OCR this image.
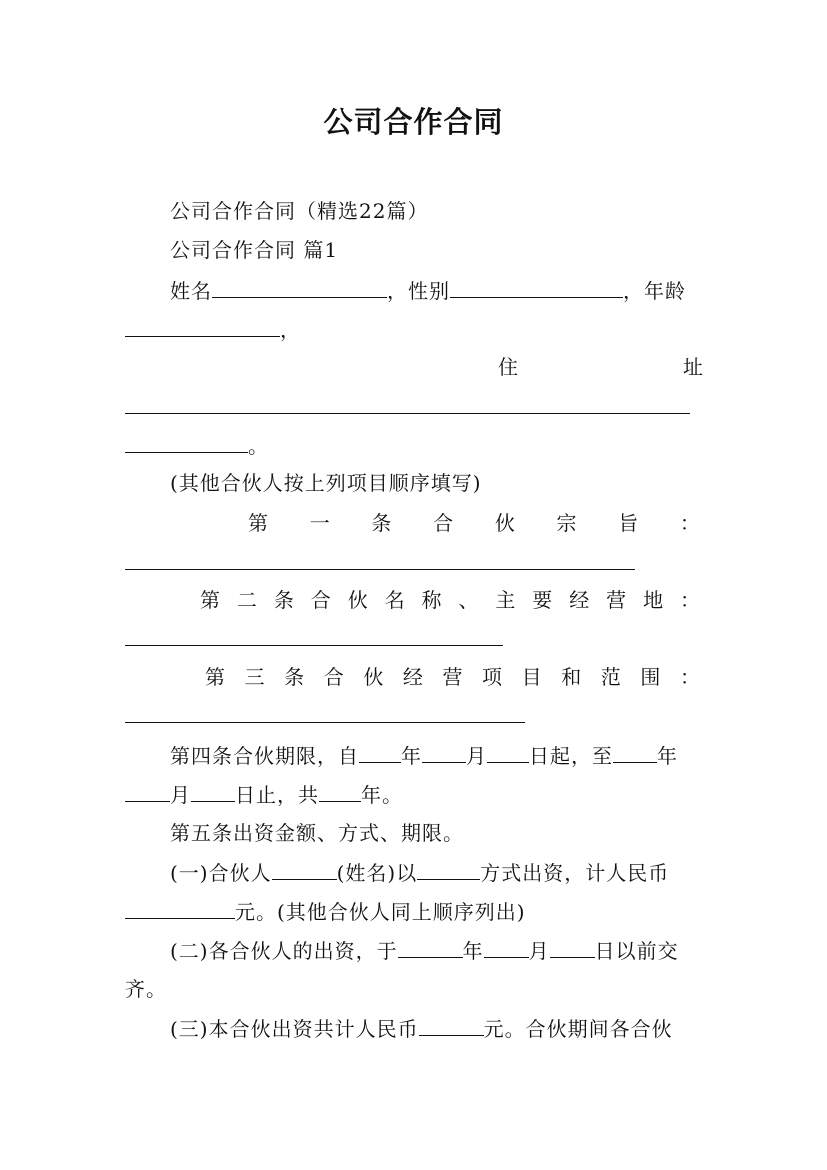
公司合作合同
公司合作合同（精选22篇）
公司合作合同 篇1
姓名	，性别	，年龄
，
住	址
。
(其他合伙人按上列项目顺序填写)
第 一 条 合 伙 宗 旨 ：
第 二 条 合 伙 名 称 、 主 要 经 营 地 ：
第 三 条 合 伙 经 营 项 目 和 范 围 ：
第四条合伙期限，自 年 月 日起，至 年
月 日止，共 年。
第五条出资金额、方式、期限。
(一)合伙人	(姓名)以	方式出资，计人民币
元。(其他合伙人同上顺序列出)
(二)各合伙人的出资，于	年 月 日以前交
齐。
(三)本合伙出资共计人民币	元。合伙期间各合伙
